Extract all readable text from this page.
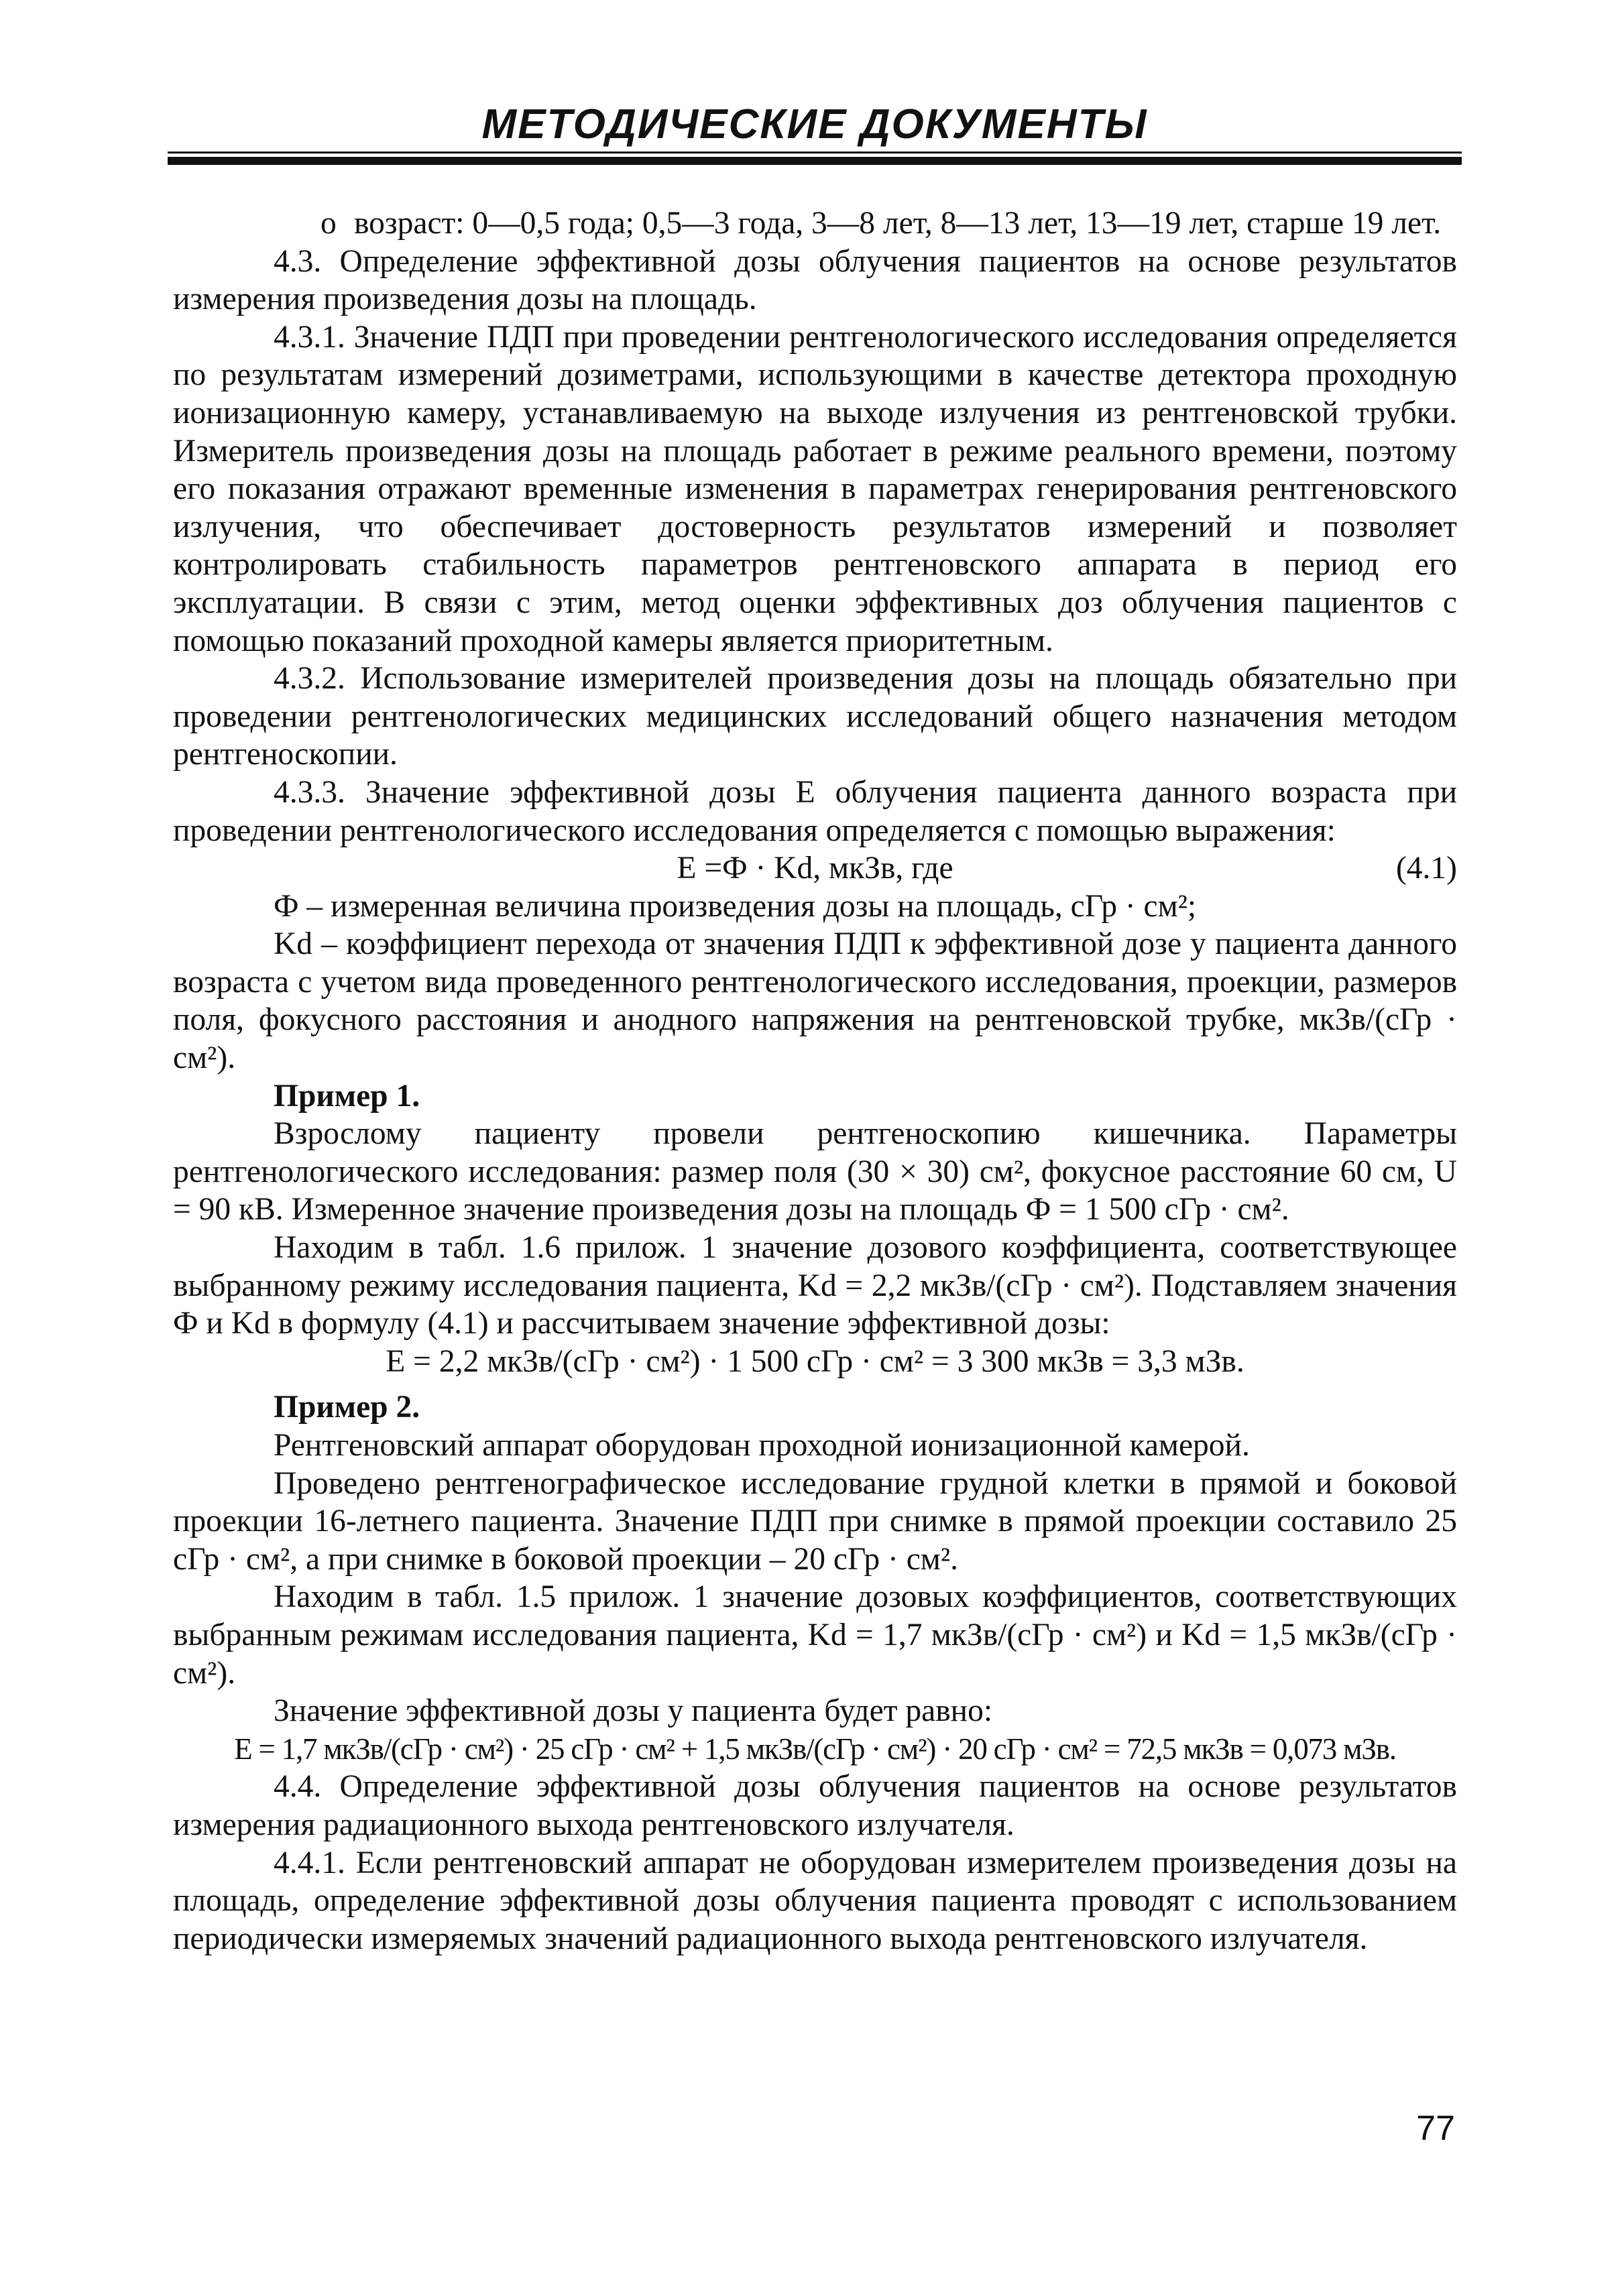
МЕТОДИЧЕСКИЕ ДОКУМЕНТЫ

o возраст: 0—0,5 года; 0,5—3 года, 3—8 лет, 8—13 лет, 13—19 лет, старше 19 лет.

4.3. Определение эффективной дозы облучения пациентов на основе результатов измерения произведения дозы на площадь.

4.3.1. Значение ПДП при проведении рентгенологического исследования определяется по результатам измерений дозиметрами, использующими в качестве детектора проходную ионизационную камеру, устанавливаемую на выходе излучения из рентгеновской трубки. Измеритель произведения дозы на площадь работает в режиме реального времени, поэтому его показания отражают временные изменения в параметрах генерирования рентгеновского излучения, что обеспечивает достоверность результатов измерений и позволяет контролировать стабильность параметров рентгеновского аппарата в период его эксплуатации. В связи с этим, метод оценки эффективных доз облучения пациентов с помощью показаний проходной камеры является приоритетным.

4.3.2. Использование измерителей произведения дозы на площадь обязательно при проведении рентгенологических медицинских исследований общего назначения методом рентгеноскопии.

4.3.3. Значение эффективной дозы E облучения пациента данного возраста при проведении рентгенологического исследования определяется с помощью выражения:

E =Ф · Kd, мкЗв, где	(4.1)

Ф – измеренная величина произведения дозы на площадь, сГр · см²;

Kd – коэффициент перехода от значения ПДП к эффективной дозе у пациента данного возраста с учетом вида проведенного рентгенологического исследования, проекции, размеров поля, фокусного расстояния и анодного напряжения на рентгеновской трубке, мкЗв/(сГр · см²).

Пример 1.

Взрослому пациенту провели рентгеноскопию кишечника. Параметры рентгенологического исследования: размер поля (30 × 30) см², фокусное расстояние 60 см, U = 90 кВ. Измеренное значение произведения дозы на площадь Ф = 1 500 сГр · см².

Находим в табл. 1.6 прилож. 1 значение дозового коэффициента, соответствующее выбранному режиму исследования пациента, Kd = 2,2 мкЗв/(сГр · см²). Подставляем значения Ф и Kd в формулу (4.1) и рассчитываем значение эффективной дозы:

E = 2,2 мкЗв/(сГр · см²) · 1 500 сГр · см² = 3 300 мкЗв = 3,3 мЗв.

Пример 2.

Рентгеновский аппарат оборудован проходной ионизационной камерой.

Проведено рентгенографическое исследование грудной клетки в прямой и боковой проекции 16-летнего пациента. Значение ПДП при снимке в прямой проекции составило 25 сГр · см², а при снимке в боковой проекции – 20 сГр · см².

Находим в табл. 1.5 прилож. 1 значение дозовых коэффициентов, соответствующих выбранным режимам исследования пациента, Kd = 1,7 мкЗв/(сГр · см²) и Kd = 1,5 мкЗв/(сГр · см²).

Значение эффективной дозы у пациента будет равно:

E = 1,7 мкЗв/(сГр · см²) · 25 сГр · см² + 1,5 мкЗв/(сГр · см²) · 20 сГр · см² = 72,5 мкЗв = 0,073 мЗв.

4.4. Определение эффективной дозы облучения пациентов на основе результатов измерения радиационного выхода рентгеновского излучателя.

4.4.1. Если рентгеновский аппарат не оборудован измерителем произведения дозы на площадь, определение эффективной дозы облучения пациента проводят с использованием периодически измеряемых значений радиационного выхода рентгеновского излучателя.

77
